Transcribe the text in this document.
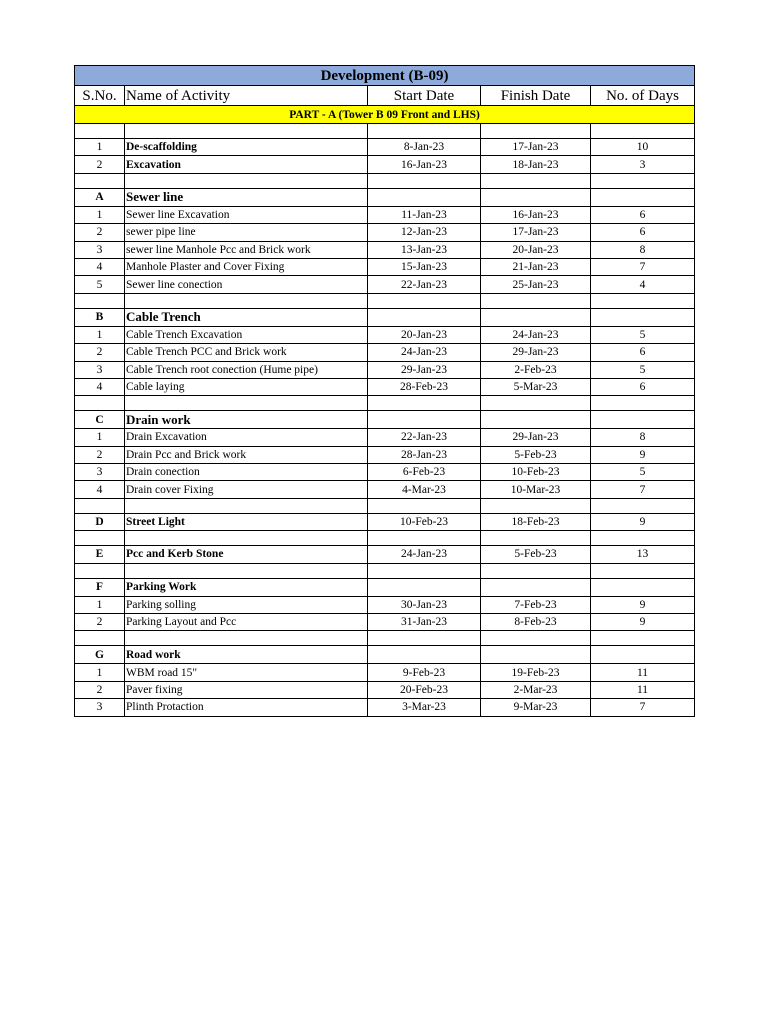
Development (B-09)				
S.No.	Name of Activity	Start Date	Finish Date	No. of Days
PART - A (Tower B 09 Front and LHS)				

1	De-scaffolding	8-Jan-23	17-Jan-23	10
2	Excavation	16-Jan-23	18-Jan-23	3

A	Sewer line			
1	Sewer line Excavation	11-Jan-23	16-Jan-23	6
2	sewer pipe line	12-Jan-23	17-Jan-23	6
3	sewer line Manhole Pcc and Brick work	13-Jan-23	20-Jan-23	8
4	Manhole Plaster and Cover Fixing	15-Jan-23	21-Jan-23	7
5	Sewer line conection	22-Jan-23	25-Jan-23	4

B	Cable Trench			
1	Cable Trench Excavation	20-Jan-23	24-Jan-23	5
2	Cable Trench PCC and Brick work	24-Jan-23	29-Jan-23	6
3	Cable Trench root conection (Hume pipe)	29-Jan-23	2-Feb-23	5
4	Cable laying	28-Feb-23	5-Mar-23	6

C	Drain work			
1	Drain Excavation	22-Jan-23	29-Jan-23	8
2	Drain Pcc and Brick work	28-Jan-23	5-Feb-23	9
3	Drain conection	6-Feb-23	10-Feb-23	5
4	Drain cover Fixing	4-Mar-23	10-Mar-23	7

D	Street Light	10-Feb-23	18-Feb-23	9

E	Pcc and Kerb Stone	24-Jan-23	5-Feb-23	13

F	Parking Work			
1	Parking solling	30-Jan-23	7-Feb-23	9
2	Parking Layout and Pcc	31-Jan-23	8-Feb-23	9

G	Road work			
1	WBM road 15"	9-Feb-23	19-Feb-23	11
2	Paver fixing	20-Feb-23	2-Mar-23	11
3	Plinth Protaction	3-Mar-23	9-Mar-23	7
